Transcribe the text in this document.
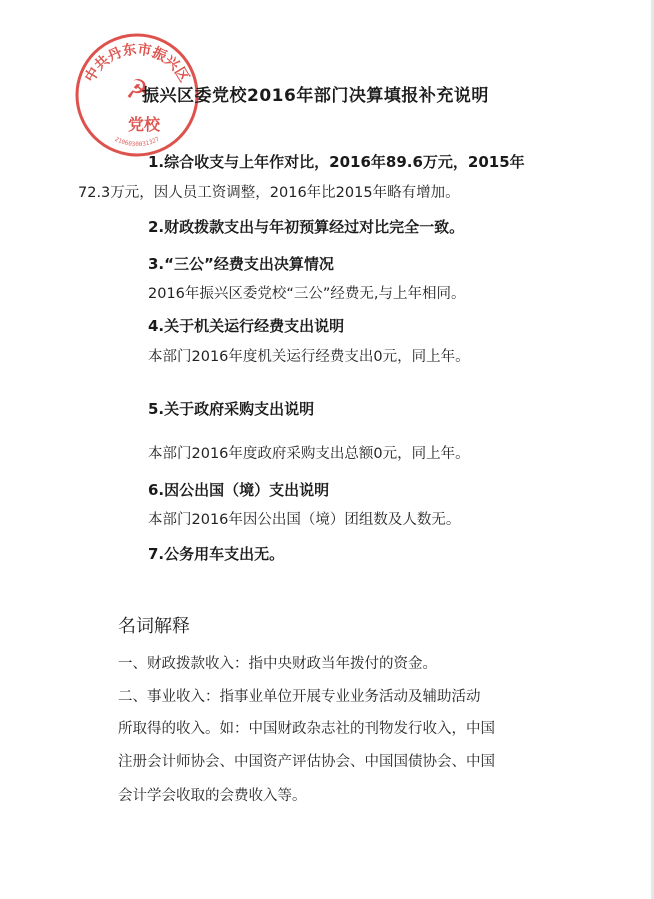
中共丹东市振兴区
☭
党校
2106030031327
振兴区委党校2016年部门决算填报补充说明
1.综合收支与上年作对比，2016年89.6万元，2015年
72.3万元，因人员工资调整，2016年比2015年略有增加。
2.财政拨款支出与年初预算经过对比完全一致。
3.“三公”经费支出决算情况
2016年振兴区委党校“三公”经费无,与上年相同。
4.关于机关运行经费支出说明
本部门2016年度机关运行经费支出0元，同上年。
5.关于政府采购支出说明
本部门2016年度政府采购支出总额0元，同上年。
6.因公出国（境）支出说明
本部门2016年因公出国（境）团组数及人数无。
7.公务用车支出无。
名词解释
一、财政拨款收入：指中央财政当年拨付的资金。
二、事业收入：指事业单位开展专业业务活动及辅助活动
所取得的收入。如：中国财政杂志社的刊物发行收入，中国
注册会计师协会、中国资产评估协会、中国国债协会、中国
会计学会收取的会费收入等。
